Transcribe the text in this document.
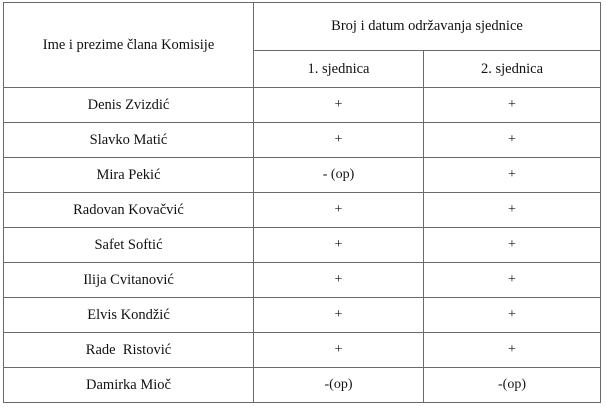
Ime i prezime člana Komisije	Broj i datum održavanja sjednice	
	1. sjednica	2. sjednica
Denis Zvizdić	+	+
Slavko Matić	+	+
Mira Pekić	- (op)	+
Radovan Kovačvić	+	+
Safet Softić	+	+
Ilija Cvitanović	+	+
Elvis Kondžić	+	+
Rade  Ristović	+	+
Damirka Mioč	-(op)	-(op)
